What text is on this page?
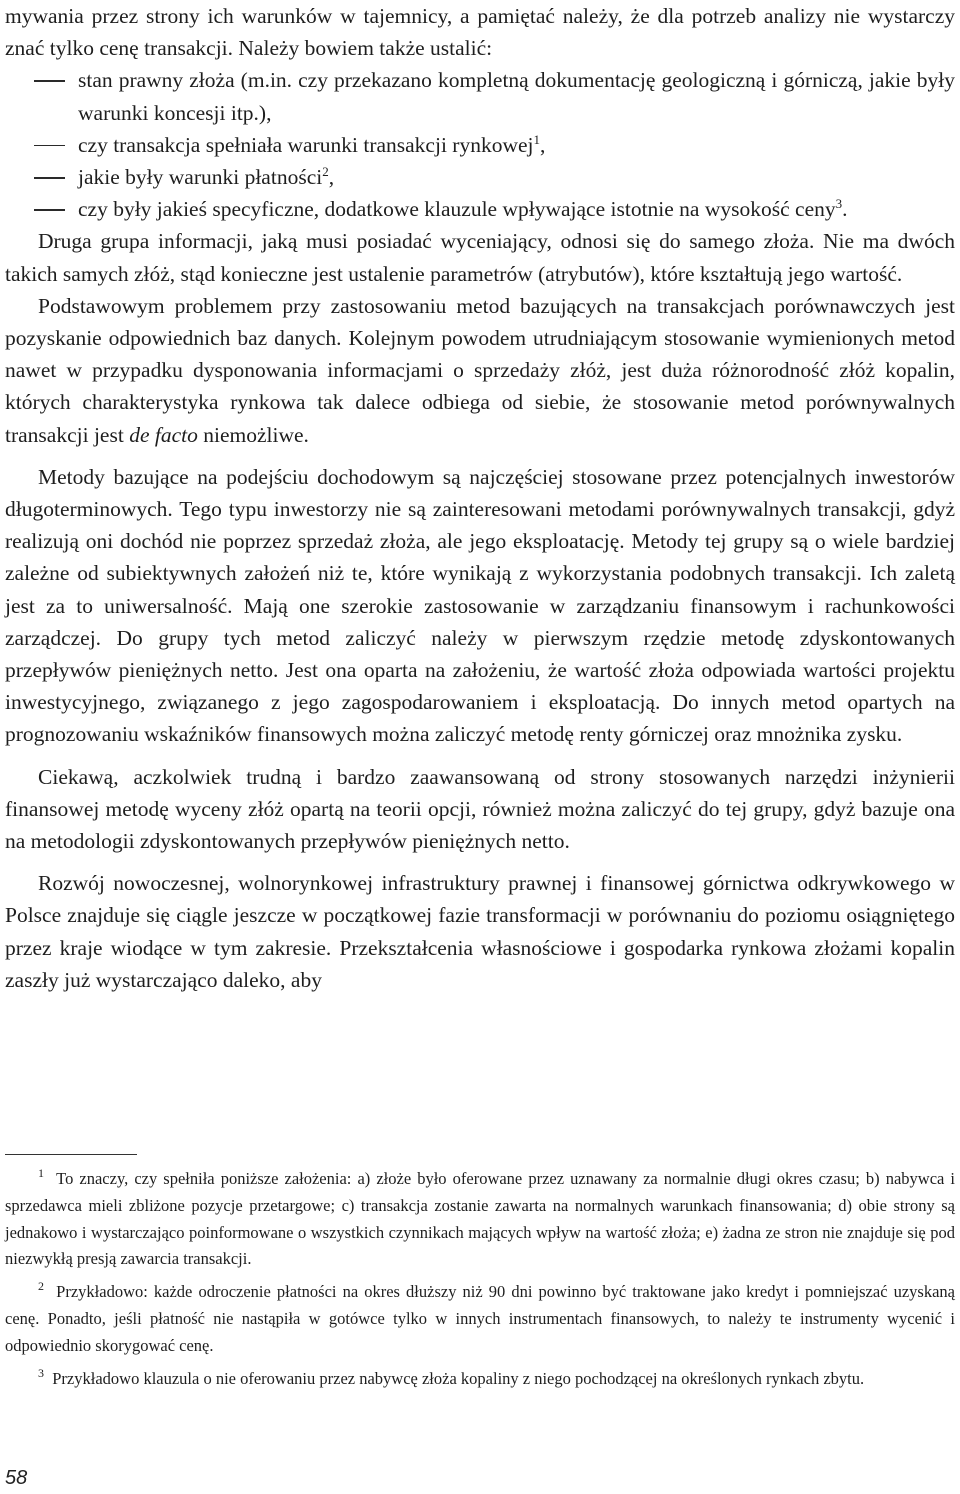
mywania przez strony ich warunków w tajemnicy, a pamiętać należy, że dla potrzeb analizy nie wystarczy znać tylko cenę transakcji. Należy bowiem także ustalić:

stan prawny złoża (m.in. czy przekazano kompletną dokumentację geologiczną i górniczą, jakie były warunki koncesji itp.),
czy transakcja spełniała warunki transakcji rynkowej$^1$,
jakie były warunki płatności$^2$,
czy były jakieś specyficzne, dodatkowe klauzule wpływające istotnie na wysokość ceny$^3$.

Druga grupa informacji, jaką musi posiadać wyceniający, odnosi się do samego złoża. Nie ma dwóch takich samych złóż, stąd konieczne jest ustalenie parametrów (atrybutów), które kształtują jego wartość.

Podstawowym problemem przy zastosowaniu metod bazujących na transakcjach porównawczych jest pozyskanie odpowiednich baz danych. Kolejnym powodem utrudniającym stosowanie wymienionych metod nawet w przypadku dysponowania informacjami o sprzedaży złóż, jest duża różnorodność złóż kopalin, których charakterystyka rynkowa tak dalece odbiega od siebie, że stosowanie metod porównywalnych transakcji jest de facto niemożliwe.

Metody bazujące na podejściu dochodowym są najczęściej stosowane przez potencjalnych inwestorów długoterminowych. Tego typu inwestorzy nie są zainteresowani metodami porównywalnych transakcji, gdyż realizują oni dochód nie poprzez sprzedaż złoża, ale jego eksploatację. Metody tej grupy są o wiele bardziej zależne od subiektywnych założeń niż te, które wynikają z wykorzystania podobnych transakcji. Ich zaletą jest za to uniwersalność. Mają one szerokie zastosowanie w zarządzaniu finansowym i rachunkowości zarządczej. Do grupy tych metod zaliczyć należy w pierwszym rzędzie metodę zdyskontowanych przepływów pieniężnych netto. Jest ona oparta na założeniu, że wartość złoża odpowiada wartości projektu inwestycyjnego, związanego z jego zagospodarowaniem i eksploatacją. Do innych metod opartych na prognozowaniu wskaźników finansowych można zaliczyć metodę renty górniczej oraz mnożnika zysku.

Ciekawą, aczkolwiek trudną i bardzo zaawansowaną od strony stosowanych narzędzi inżynierii finansowej metodę wyceny złóż opartą na teorii opcji, również można zaliczyć do tej grupy, gdyż bazuje ona na metodologii zdyskontowanych przepływów pieniężnych netto.

Rozwój nowoczesnej, wolnorynkowej infrastruktury prawnej i finansowej górnictwa odkrywkowego w Polsce znajduje się ciągle jeszcze w początkowej fazie transformacji w porównaniu do poziomu osiągniętego przez kraje wiodące w tym zakresie. Przekształcenia własnościowe i gospodarka rynkowa złożami kopalin zaszły już wystarczająco daleko, aby

$^1$ To znaczy, czy spełniła poniższe założenia: a) złoże było oferowane przez uznawany za normalnie długi okres czasu; b) nabywca i sprzedawca mieli zbliżone pozycje przetargowe; c) transakcja zostanie zawarta na normalnych warunkach finansowania; d) obie strony są jednakowo i wystarczająco poinformowane o wszystkich czynnikach mających wpływ na wartość złoża; e) żadna ze stron nie znajduje się pod niezwykłą presją zawarcia transakcji.

$^2$ Przykładowo: każde odroczenie płatności na okres dłuższy niż 90 dni powinno być traktowane jako kredyt i pomniejszać uzyskaną cenę. Ponadto, jeśli płatność nie nastąpiła w gotówce tylko w innych instrumentach finansowych, to należy te instrumenty wycenić i odpowiednio skorygować cenę.

$^3$ Przykładowo klauzula o nie oferowaniu przez nabywcę złoża kopaliny z niego pochodzącej na określonych rynkach zbytu.

58
